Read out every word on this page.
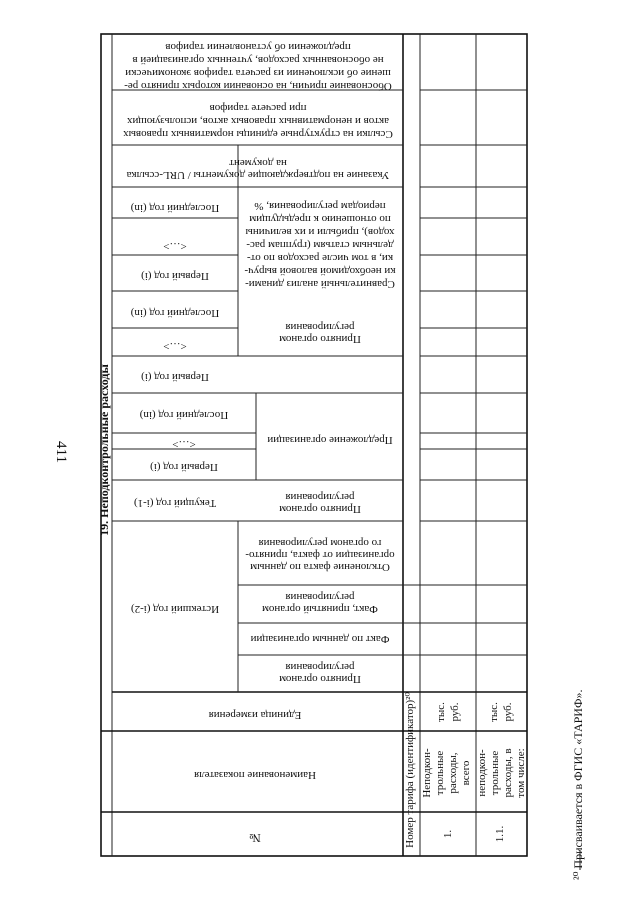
411
²⁰ Присваивается в ФГИС «ТАРИФ».
19. Неподконтрольные расходы
№
Наименование показателя
Единица измерения	Номер тарифа (идентификатор)²⁰
Истекший год (i-2)
Принято органом
регулирования
Факт по данным организации
Факт, принятый органом
регулирования
Отклонение факта по данным
организации от факта, принято-
го органом регулирования
Текущий год (i-1)	Принято органом
регулирования
Предложение организации
Первый год (i)
<…>
Последний год (in)
Принято органом
регулирования
Первый год (i)
<…>
Последний год (in)
Сравнительный анализ динами-
ки необходимой валовой выруч-
ки, в том числе расходов по от-
дельным статьям (группам рас-
ходов), прибыли и их величины
по отношению к предыдущим
периодам регулирования, %
Первый год (i)
<…>
Последний год (in)
Указание на подтверждающие документы / URL-ссылка
на документ
Ссылки на структурные единицы нормативных правовых
актов и ненормативных правовых актов, использующих
при расчете тарифов
Обоснование причин, на основании которых принято ре-
шение об исключении из расчета тарифов экономически
не обоснованных расходов, учтенных организацией в
предложении об установлении тарифов
1.
Неподкон- трольные расходы, всего
тыс. руб.
1.1.
неподкон- трольные расходы, в том числе:
тыс. руб.
